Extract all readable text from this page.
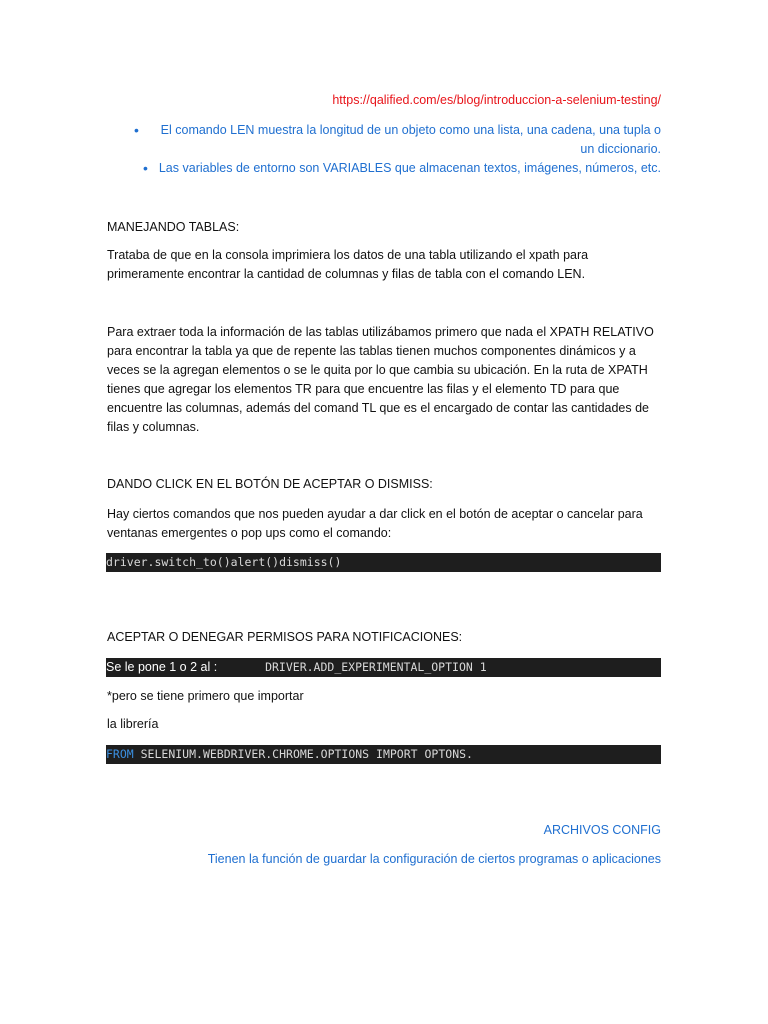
https://qalified.com/es/blog/introduccion-a-selenium-testing/
• El comando LEN muestra la longitud de un objeto como una lista, una cadena, una tupla o
un diccionario.
• Las variables de entorno son VARIABLES que almacenan textos, imágenes, números, etc.
MANEJANDO TABLAS:
Trataba de que en la consola imprimiera los datos de una tabla utilizando el xpath para
primeramente encontrar la cantidad de columnas y filas de tabla con el comando LEN.
Para extraer toda la información de las tablas utilizábamos primero que nada el XPATH RELATIVO
para encontrar la tabla ya que de repente las tablas tienen muchos componentes dinámicos y a
veces se la agregan elementos o se le quita por lo que cambia su ubicación. En la ruta de XPATH
tienes que agregar los elementos TR para que encuentre las filas y el elemento TD para que
encuentre las columnas, además del comand TL que es el encargado de contar las cantidades de
filas y columnas.
DANDO CLICK EN EL BOTÓN DE ACEPTAR O DISMISS:
Hay ciertos comandos que nos pueden ayudar a dar click en el botón de aceptar o cancelar para
ventanas emergentes o pop ups como el comando:
driver.switch_to()alert()dismiss()
ACEPTAR O DENEGAR PERMISOS PARA NOTIFICACIONES:
Se le pone 1 o 2 al :	DRIVER.ADD_EXPERIMENTAL_OPTION 1
*pero se tiene primero que importar
la librería
FROM SELENIUM.WEBDRIVER.CHROME.OPTIONS IMPORT OPTONS.
ARCHIVOS CONFIG
Tienen la función de guardar la configuración de ciertos programas o aplicaciones
